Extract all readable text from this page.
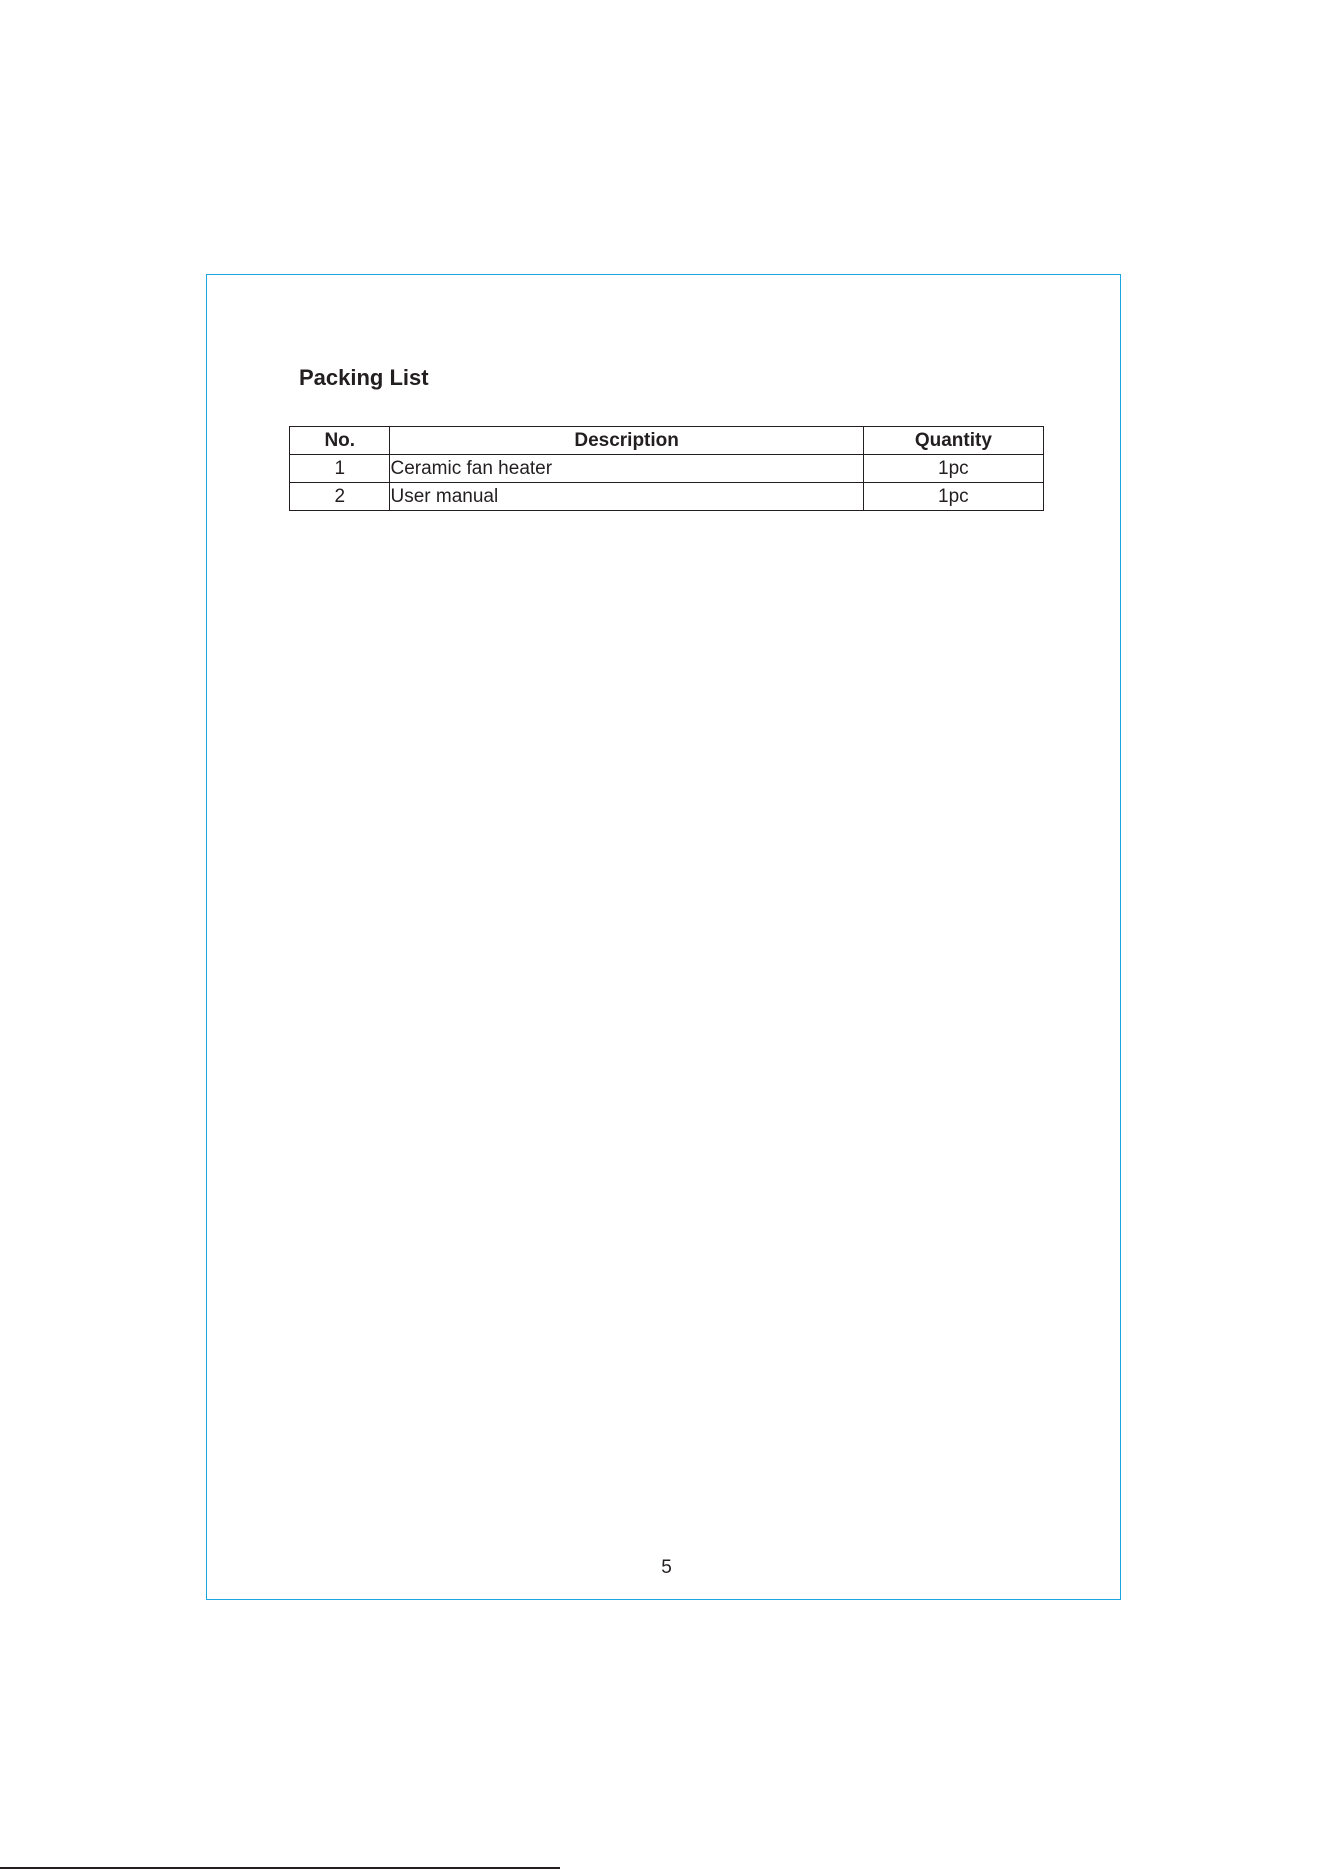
Packing List
No.	Description	Quantity
1	Ceramic fan heater	1pc
2	User manual	1pc
5
